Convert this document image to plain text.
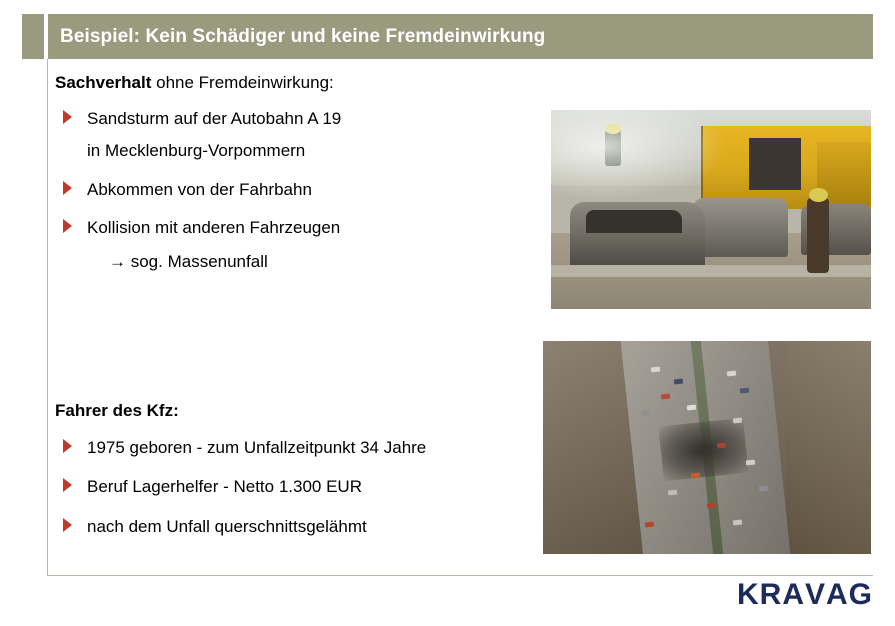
Beispiel: Kein Schädiger und keine Fremdeinwirkung

Sachverhalt ohne Fremdeinwirkung:

Sandsturm auf der Autobahn A 19
in Mecklenburg-Vorpommern
Abkommen von der Fahrbahn
Kollision mit anderen Fahrzeugen
→ sog. Massenunfall

Fahrer des Kfz:

1975 geboren - zum Unfallzeitpunkt 34 Jahre
Beruf Lagerhelfer - Netto 1.300 EUR
nach dem Unfall querschnittsgelähmt
KRAVAG
